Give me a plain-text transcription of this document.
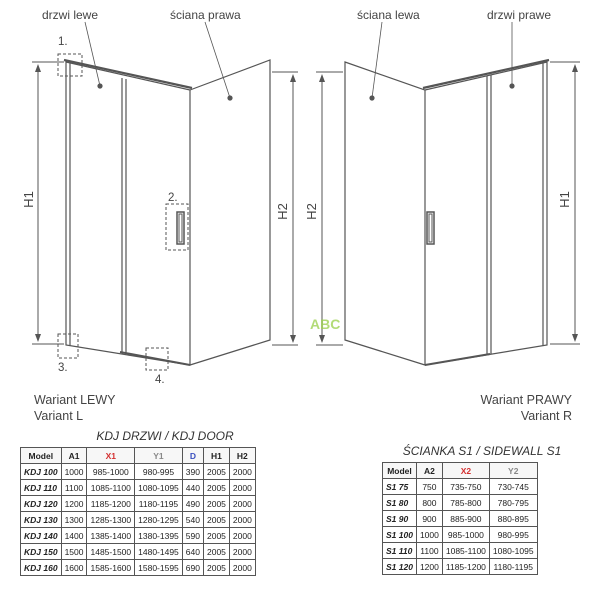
drzwi lewe	ściana prawa
1.
2.
3.
4.
H1
H2
Wariant LEWY
Variant L
ściana lewa	drzwi prawe
H2
H1
Wariant PRAWY
Variant R
ABC
KDJ DRZWI / KDJ DOOR
Model	A1	X1	Y1	D	H1	H2
KDJ 100	1000	985-1000	980-995	390	2005	2000
KDJ 110	1100	1085-1100	1080-1095	440	2005	2000
KDJ 120	1200	1185-1200	1180-1195	490	2005	2000
KDJ 130	1300	1285-1300	1280-1295	540	2005	2000
KDJ 140	1400	1385-1400	1380-1395	590	2005	2000
KDJ 150	1500	1485-1500	1480-1495	640	2005	2000
KDJ 160	1600	1585-1600	1580-1595	690	2005	2000
ŚCIANKA S1 / SIDEWALL S1
Model	A2	X2	Y2
S1 75	750	735-750	730-745
S1 80	800	785-800	780-795
S1 90	900	885-900	880-895
S1 100	1000	985-1000	980-995
S1 110	1100	1085-1100	1080-1095
S1 120	1200	1185-1200	1180-1195
